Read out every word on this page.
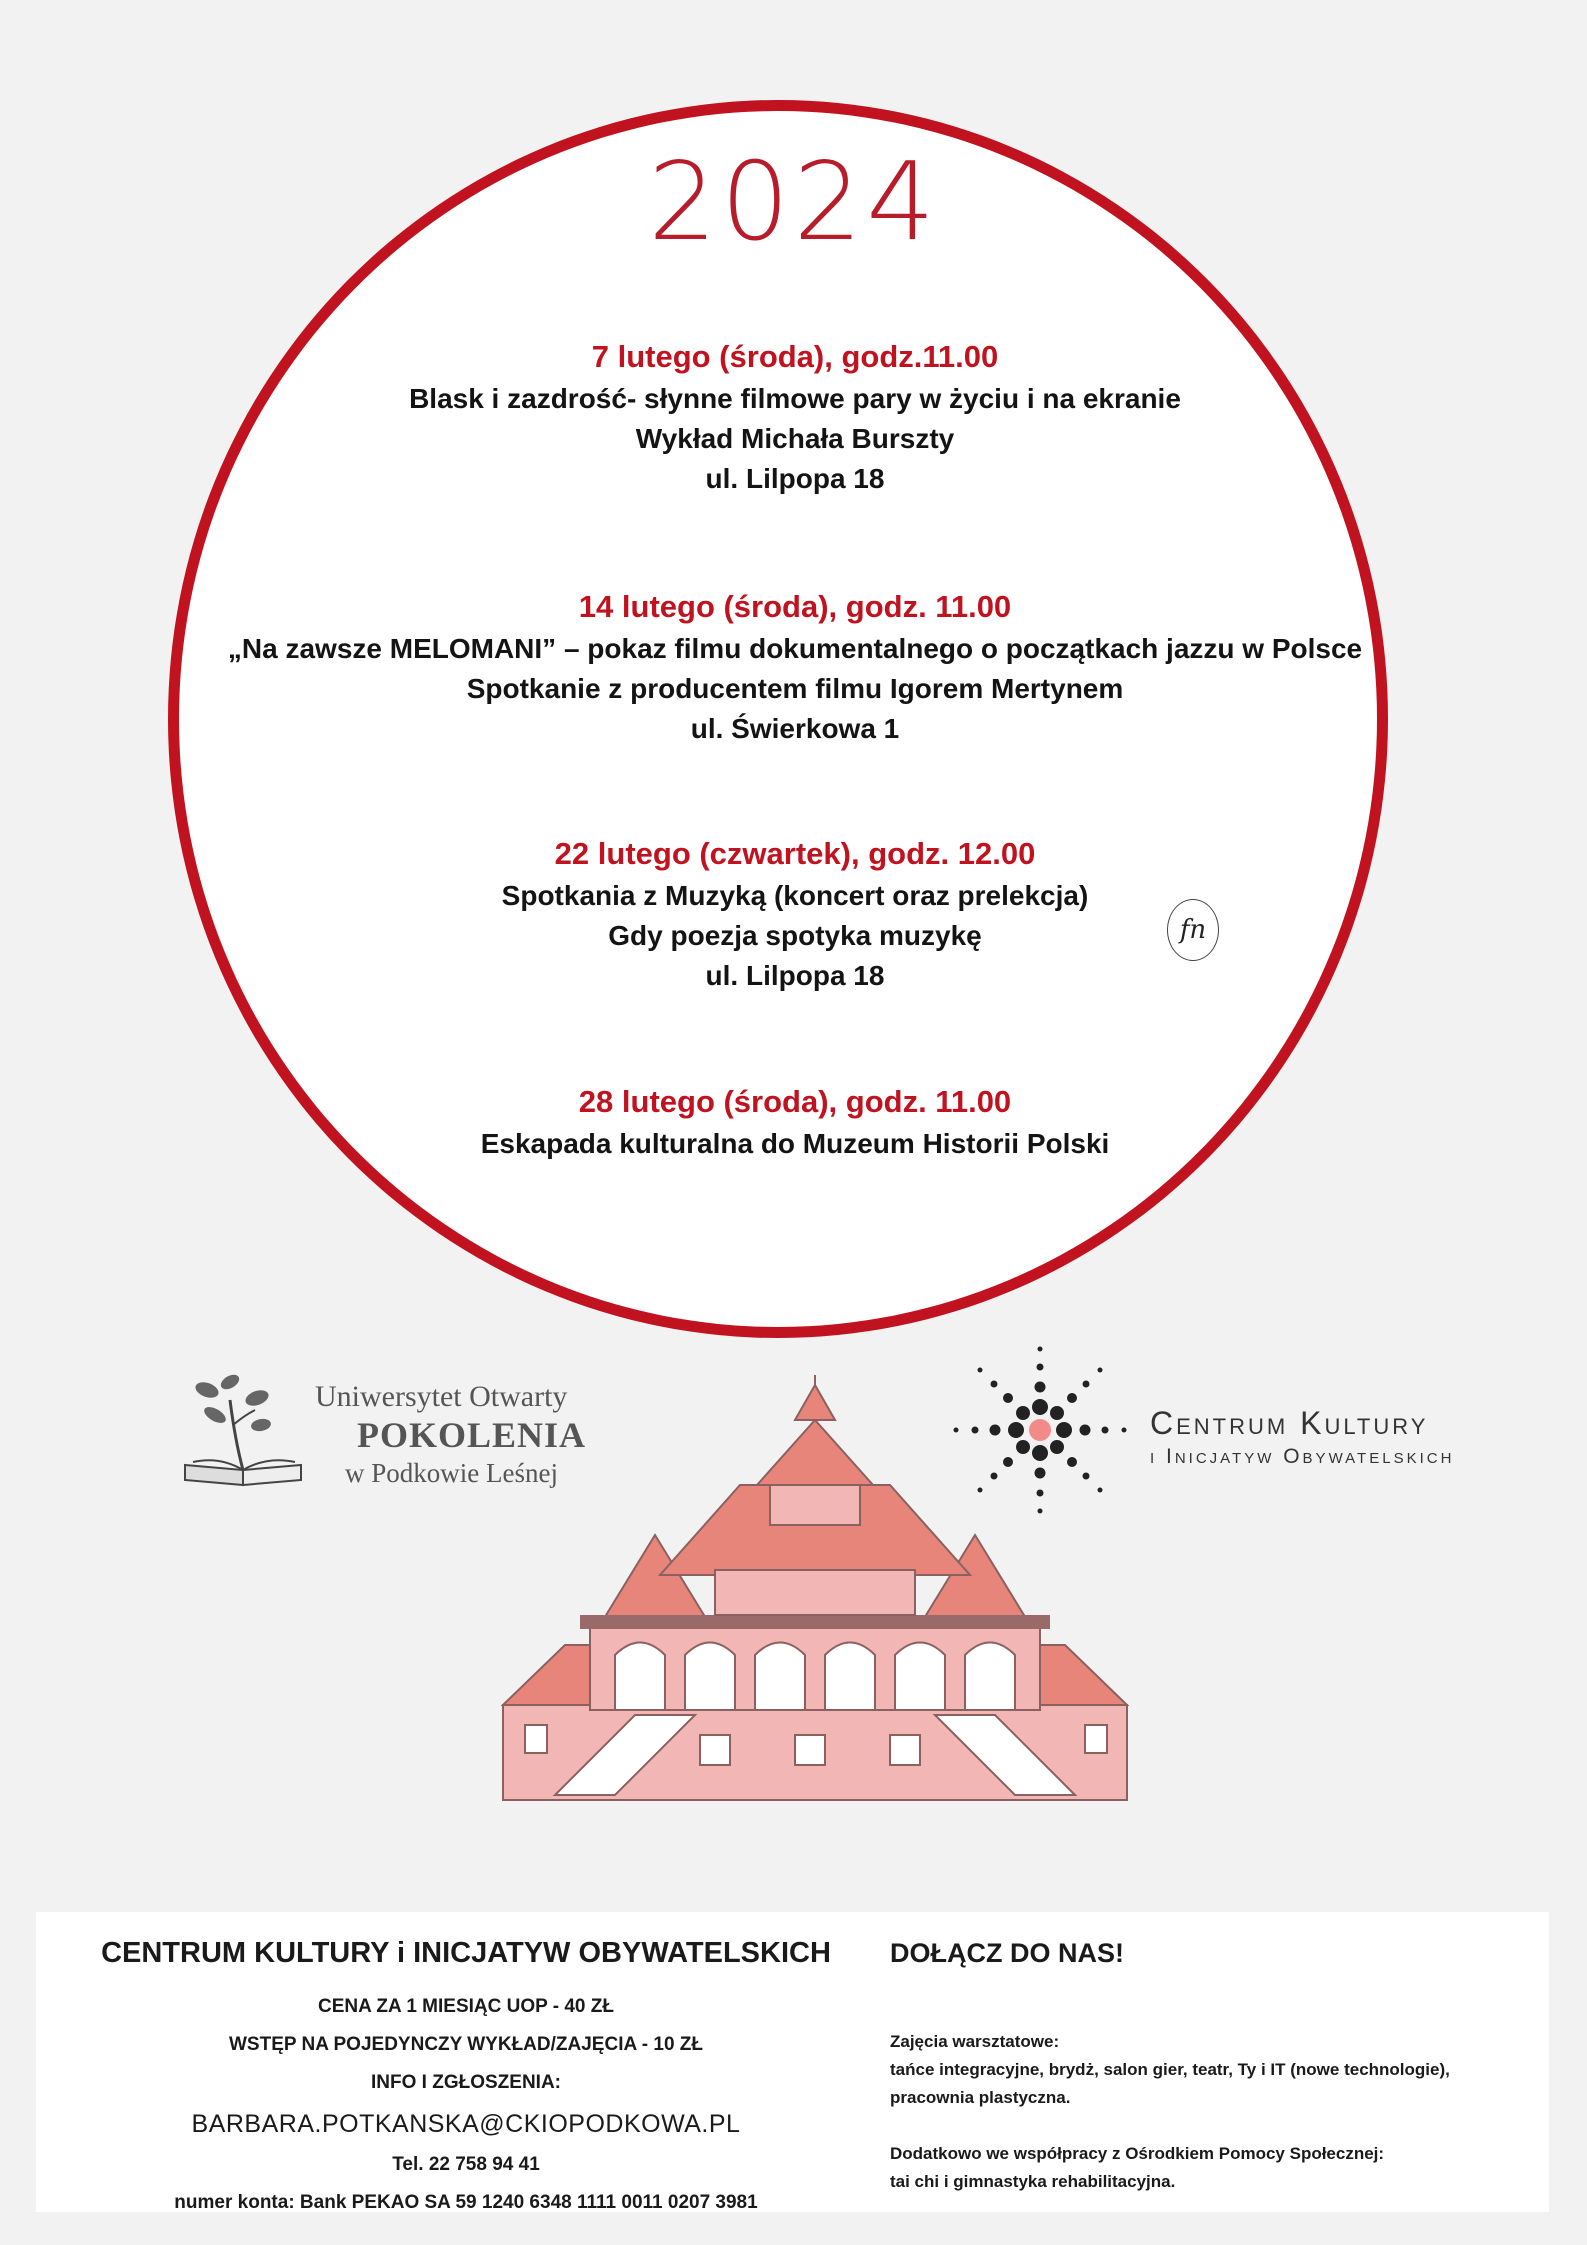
2024
7 lutego (środa), godz.11.00
Blask i zazdrość- słynne filmowe pary w życiu i na ekranie
Wykład Michała Burszty
ul. Lilpopa 18
14 lutego (środa), godz. 11.00
„Na zawsze MELOMANI” – pokaz filmu dokumentalnego o początkach jazzu w Polsce
Spotkanie z producentem filmu Igorem Mertynem
ul. Świerkowa 1
22 lutego (czwartek), godz. 12.00
Spotkania z Muzyką (koncert oraz prelekcja)
Gdy poezja spotyka muzykę
ul. Lilpopa 18
28 lutego (środa), godz. 11.00
Eskapada kulturalna do Muzeum Historii Polski
fn
Uniwersytet Otwarty
POKOLENIA
w Podkowie Leśnej
Centrum Kultury
i Inicjatyw Obywatelskich
CENTRUM KULTURY i INICJATYW OBYWATELSKICH
CENA ZA 1 MIESIĄC UOP - 40 ZŁ
WSTĘP NA POJEDYNCZY WYKŁAD/ZAJĘCIA - 10 ZŁ
INFO I ZGŁOSZENIA:
BARBARA.POTKANSKA@CKIOPODKOWA.PL
Tel. 22 758 94 41
numer konta: Bank PEKAO SA 59 1240 6348 1111 0011 0207 3981
DOŁĄCZ DO NAS!
Zajęcia warsztatowe:
tańce integracyjne, brydż, salon gier, teatr, Ty i IT (nowe technologie),
pracownia plastyczna.
Dodatkowo we współpracy z Ośrodkiem Pomocy Społecznej:
tai chi i gimnastyka rehabilitacyjna.
